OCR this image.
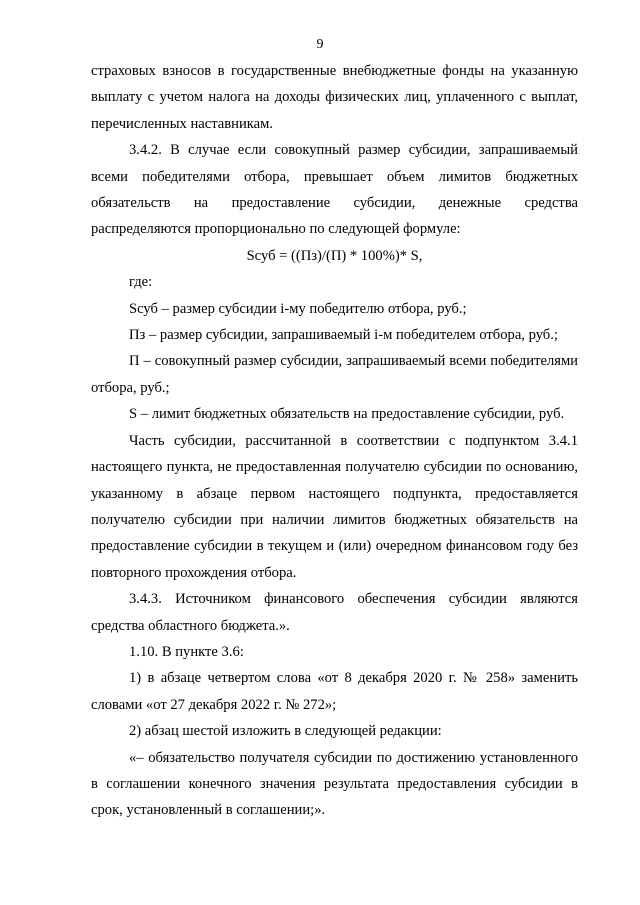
9

страховых взносов в государственные внебюджетные фонды на указанную выплату с учетом налога на доходы физических лиц, уплаченного с выплат, перечисленных наставникам.

3.4.2. В случае если совокупный размер субсидии, запрашиваемый всеми победителями отбора, превышает объем лимитов бюджетных обязательств на предоставление субсидии, денежные средства распределяются пропорционально по следующей формуле:

Sсуб = ((Пз)/(П) * 100%)* S,

где:

Sсуб – размер субсидии i-му победителю отбора, руб.;

Пз – размер субсидии, запрашиваемый i-м победителем отбора, руб.;

П – совокупный размер субсидии, запрашиваемый всеми победителями отбора, руб.;

S – лимит бюджетных обязательств на предоставление субсидии, руб.

Часть субсидии, рассчитанной в соответствии с подпунктом 3.4.1 настоящего пункта, не предоставленная получателю субсидии по основанию, указанному в абзаце первом настоящего подпункта, предоставляется получателю субсидии при наличии лимитов бюджетных обязательств на предоставление субсидии в текущем и (или) очередном финансовом году без повторного прохождения отбора.

3.4.3. Источником финансового обеспечения субсидии являются средства областного бюджета.».

1.10. В пункте 3.6:

1) в абзаце четвертом слова «от 8 декабря 2020 г. № 258» заменить словами «от 27 декабря 2022 г. № 272»;

2) абзац шестой изложить в следующей редакции:

«– обязательство получателя субсидии по достижению установленного в соглашении конечного значения результата предоставления субсидии в срок, установленный в соглашении;».
